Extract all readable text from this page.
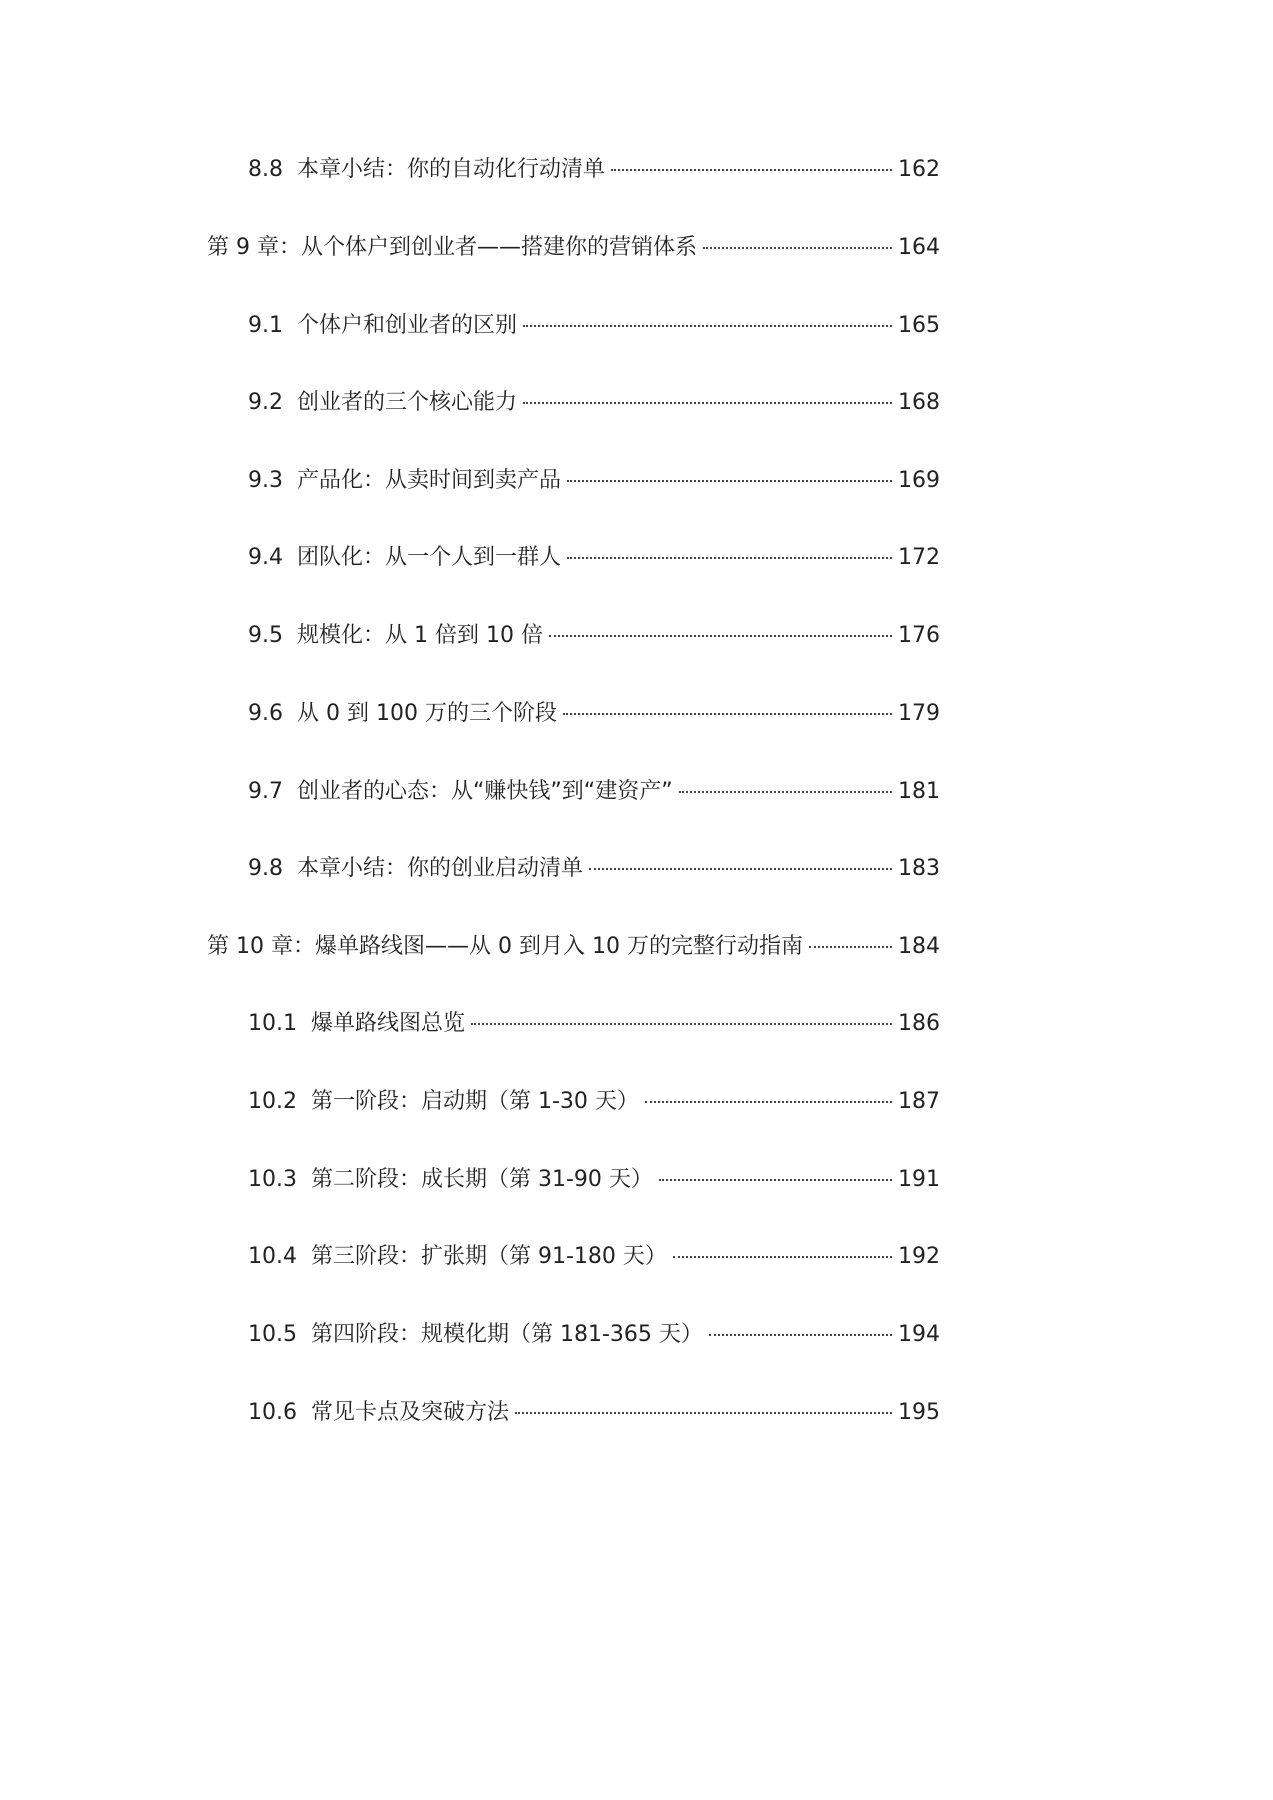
8.8 本章小结：你的自动化行动清单	162
第 9 章： 从个体户到创业者——搭建你的营销体系	164
9.1 个体户和创业者的区别	165
9.2 创业者的三个核心能力	168
9.3 产品化：从卖时间到卖产品	169
9.4 团队化：从一个人到一群人	172
9.5 规模化：从 1 倍到 10 倍	176
9.6 从 0 到 100 万的三个阶段	179
9.7 创业者的心态：从“赚快钱”到“建资产”	181
9.8 本章小结：你的创业启动清单	183
第 10 章： 爆单路线图——从 0 到月入 10 万的完整行动指南	184
10.1 爆单路线图总览	186
10.2 第一阶段：启动期（第 1-30 天）	187
10.3 第二阶段：成长期（第 31-90 天）	191
10.4 第三阶段：扩张期（第 91-180 天）	192
10.5 第四阶段：规模化期（第 181-365 天）	194
10.6 常见卡点及突破方法	195
